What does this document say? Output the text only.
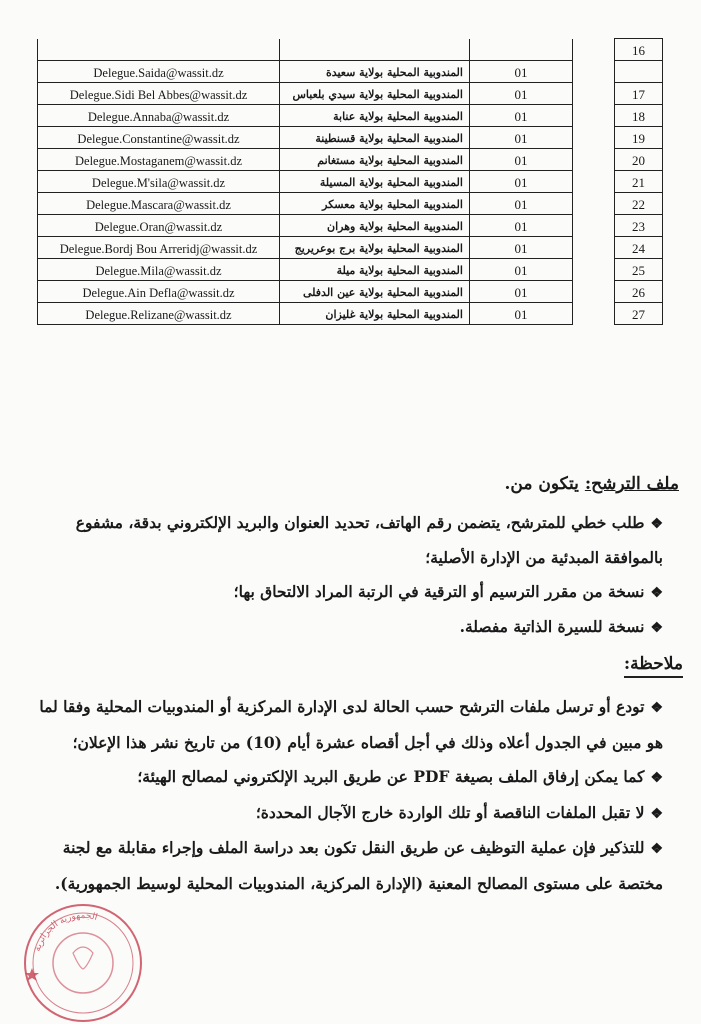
				16
Delegue.Saida@wassit.dz	المندوبية المحلية بولاية سعيدة	01		
Delegue.Sidi Bel Abbes@wassit.dz	المندوبية المحلية بولاية سيدي بلعباس	01		17
Delegue.Annaba@wassit.dz	المندوبية المحلية بولاية عنابة	01		18
Delegue.Constantine@wassit.dz	المندوبية المحلية بولاية قسنطينة	01		19
Delegue.Mostaganem@wassit.dz	المندوبية المحلية بولاية مستغانم	01		20
Delegue.M'sila@wassit.dz	المندوبية المحلية بولاية المسيلة	01		21
Delegue.Mascara@wassit.dz	المندوبية المحلية بولاية معسكر	01		22
Delegue.Oran@wassit.dz	المندوبية المحلية بولاية وهران	01		23
Delegue.Bordj Bou Arreridj@wassit.dz	المندوبية المحلية بولاية برج بوعريريج	01		24
Delegue.Mila@wassit.dz	المندوبية المحلية بولاية ميلة	01		25
Delegue.Ain Defla@wassit.dz	المندوبية المحلية بولاية عين الدفلى	01		26
Delegue.Relizane@wassit.dz	المندوبية المحلية بولاية غليزان	01		27
ملف الترشح: يتكون من.
❖طلب خطي للمترشح، يتضمن رقم الهاتف، تحديد العنوان والبريد الإلكتروني بدقة، مشفوع بالموافقة المبدئية من الإدارة الأصلية؛
❖نسخة من مقرر الترسيم أو الترقية في الرتبة المراد الالتحاق بها؛
❖نسخة للسيرة الذاتية مفصلة.
ملاحظة:
❖تودع أو ترسل ملفات الترشح حسب الحالة لدى الإدارة المركزية أو المندوبيات المحلية وفقا لما هو مبين في الجدول أعلاه وذلك في أجل أقصاه عشرة أيام (10) من تاريخ نشر هذا الإعلان؛
❖كما يمكن إرفاق الملف بصيغة PDF عن طريق البريد الإلكتروني لمصالح الهيئة؛
❖لا تقبل الملفات الناقصة أو تلك الواردة خارج الآجال المحددة؛
❖للتذكير فإن عملية التوظيف عن طريق النقل تكون بعد دراسة الملف وإجراء مقابلة مع لجنة مختصة على مستوى المصالح المعنية (الإدارة المركزية، المندوبيات المحلية لوسيط الجمهورية).
الجمهورية الجزائرية
